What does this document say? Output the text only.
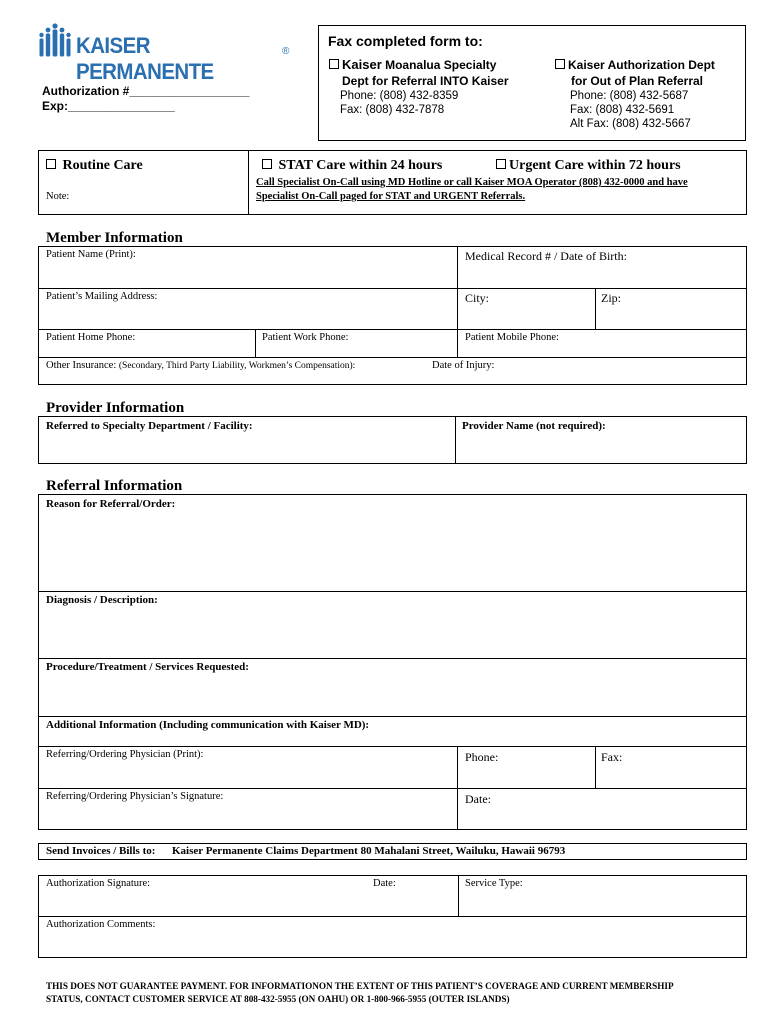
KAISER PERMANENTE
®
Authorization #__________________
Exp:________________
Fax completed form to:
Kaiser Moanalua Specialty
Dept for Referral INTO Kaiser
Phone: (808) 432-8359
Fax: (808) 432-7878
Kaiser Authorization Dept
for Out of Plan Referral
Phone: (808) 432-5687
Fax: (808) 432-5691
Alt Fax: (808) 432-5667
Routine Care
Note:
STAT Care within 24 hours	Urgent Care within 72 hours
Call Specialist On-Call using MD Hotline or call Kaiser MOA Operator (808) 432-0000 and have
Specialist On-Call paged for STAT and URGENT Referrals.
Member Information
Patient Name (Print):	Medical Record # / Date of Birth:
Patient’s Mailing Address:	City:	Zip:
Patient Home Phone:	Patient Work Phone:	Patient Mobile Phone:
Other Insurance: (Secondary, Third Party Liability, Workmen’s Compensation):	Date of Injury:
Provider Information
Referred to Specialty Department / Facility:	Provider Name (not required):
Referral Information
Reason for Referral/Order:
Diagnosis / Description:
Procedure/Treatment / Services Requested:
Additional Information (Including communication with Kaiser MD):
Referring/Ordering Physician (Print):	Phone:	Fax:
Referring/Ordering Physician’s Signature:	Date:
Send Invoices / Bills to: Kaiser Permanente Claims Department 80 Mahalani Street, Wailuku, Hawaii 96793
Authorization Signature:	Date:	Service Type:
Authorization Comments:
THIS DOES NOT GUARANTEE PAYMENT. FOR INFORMATIONON THE EXTENT OF THIS PATIENT’S COVERAGE AND CURRENT MEMBERSHIP
STATUS, CONTACT CUSTOMER SERVICE AT 808-432-5955 (ON OAHU) OR 1-800-966-5955 (OUTER ISLANDS)
